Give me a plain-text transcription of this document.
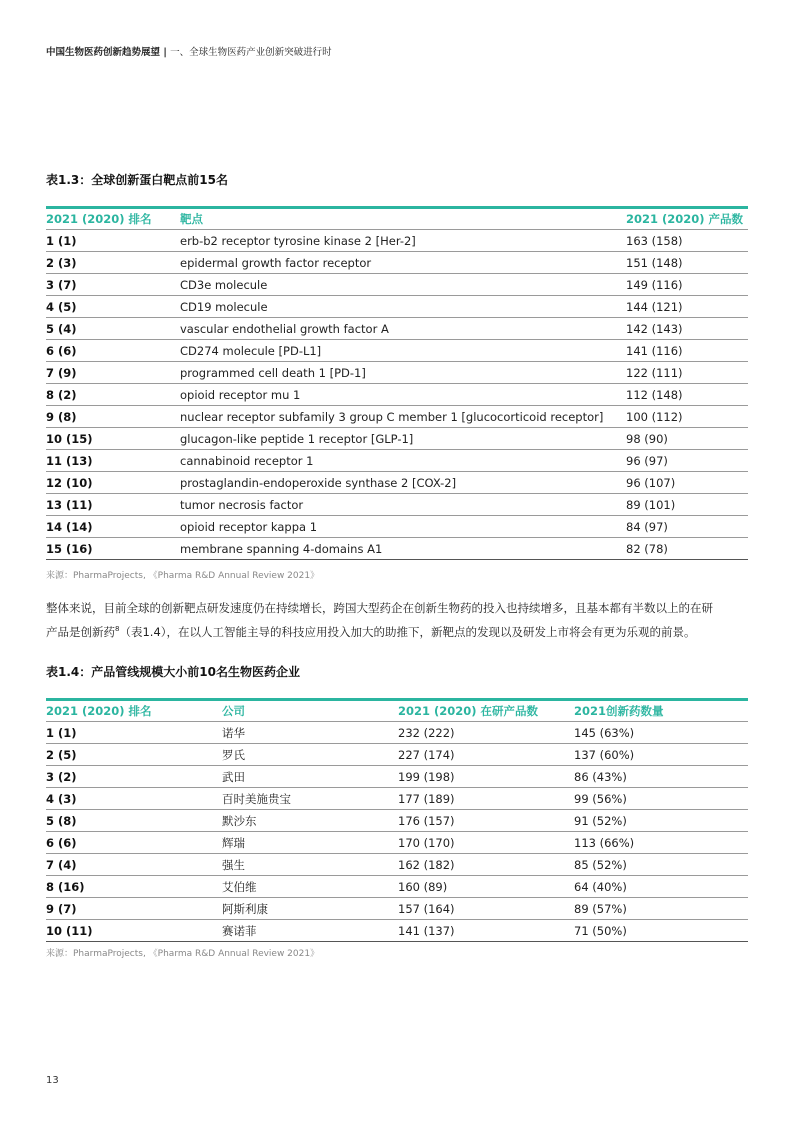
中国生物医药创新趋势展望 | 一、全球生物医药产业创新突破进行时
表1.3：全球创新蛋白靶点前15名
2021 (2020) 排名	靶点	2021 (2020) 产品数
1 (1)	erb-b2 receptor tyrosine kinase 2 [Her-2]	163 (158)
2 (3)	epidermal growth factor receptor	151 (148)
3 (7)	CD3e molecule	149 (116)
4 (5)	CD19 molecule	144 (121)
5 (4)	vascular endothelial growth factor A	142 (143)
6 (6)	CD274 molecule [PD-L1]	141 (116)
7 (9)	programmed cell death 1 [PD-1]	122 (111)
8 (2)	opioid receptor mu 1	112 (148)
9 (8)	nuclear receptor subfamily 3 group C member 1 [glucocorticoid receptor]	100 (112)
10 (15)	glucagon-like peptide 1 receptor [GLP-1]	98 (90)
11 (13)	cannabinoid receptor 1	96 (97)
12 (10)	prostaglandin-endoperoxide synthase 2 [COX-2]	96 (107)
13 (11)	tumor necrosis factor	89 (101)
14 (14)	opioid receptor kappa 1	84 (97)
15 (16)	membrane spanning 4-domains A1	82 (78)
来源：PharmaProjects, 《Pharma R&D Annual Review 2021》
整体来说，目前全球的创新靶点研发速度仍在持续增长，跨国大型药企在创新生物药的投入也持续增多，且基本都有半数以上的在研
产品是创新药$^8$（表1.4），在以人工智能主导的科技应用投入加大的助推下，新靶点的发现以及研发上市将会有更为乐观的前景。
表1.4：产品管线规模大小前10名生物医药企业
2021 (2020) 排名	公司	2021 (2020) 在研产品数	2021创新药数量
1 (1)	诺华	232 (222)	145 (63%)
2 (5)	罗氏	227 (174)	137 (60%)
3 (2)	武田	199 (198)	86 (43%)
4 (3)	百时美施贵宝	177 (189)	99 (56%)
5 (8)	默沙东	176 (157)	91 (52%)
6 (6)	辉瑞	170 (170)	113 (66%)
7 (4)	强生	162 (182)	85 (52%)
8 (16)	艾伯维	160 (89)	64 (40%)
9 (7)	阿斯利康	157 (164)	89 (57%)
10 (11)	赛诺菲	141 (137)	71 (50%)
来源：PharmaProjects, 《Pharma R&D Annual Review 2021》
13
